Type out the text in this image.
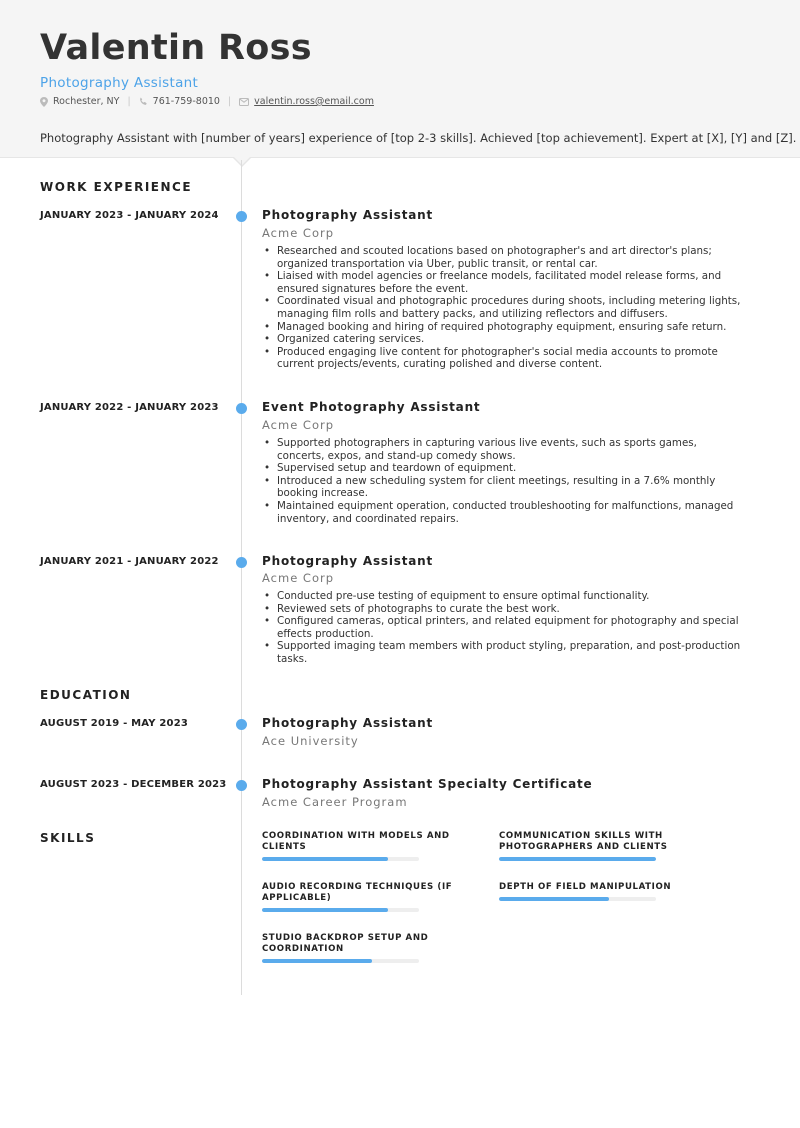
Valentin Ross
Photography Assistant
Rochester, NY | 761-759-8010 | valentin.ross@email.com
Photography Assistant with [number of years] experience of [top 2-3 skills]. Achieved [top achievement]. Expert at [X], [Y] and [Z].
WORK EXPERIENCE
JANUARY 2023 - JANUARY 2024	Photography Assistant
Acme Corp
• Researched and scouted locations based on photographer's and art director's plans; organized transportation via Uber, public transit, or rental car.
• Liaised with model agencies or freelance models, facilitated model release forms, and ensured signatures before the event.
• Coordinated visual and photographic procedures during shoots, including metering lights, managing film rolls and battery packs, and utilizing reflectors and diffusers.
• Managed booking and hiring of required photography equipment, ensuring safe return.
• Organized catering services.
• Produced engaging live content for photographer's social media accounts to promote current projects/events, curating polished and diverse content.
JANUARY 2022 - JANUARY 2023	Event Photography Assistant
Acme Corp
• Supported photographers in capturing various live events, such as sports games, concerts, expos, and stand-up comedy shows.
• Supervised setup and teardown of equipment.
• Introduced a new scheduling system for client meetings, resulting in a 7.6% monthly booking increase.
• Maintained equipment operation, conducted troubleshooting for malfunctions, managed inventory, and coordinated repairs.
JANUARY 2021 - JANUARY 2022	Photography Assistant
Acme Corp
• Conducted pre-use testing of equipment to ensure optimal functionality.
• Reviewed sets of photographs to curate the best work.
• Configured cameras, optical printers, and related equipment for photography and special effects production.
• Supported imaging team members with product styling, preparation, and post-production tasks.
EDUCATION
AUGUST 2019 - MAY 2023	Photography Assistant
Ace University
AUGUST 2023 - DECEMBER 2023	Photography Assistant Specialty Certificate
Acme Career Program
SKILLS	COORDINATION WITH MODELS AND CLIENTS
COMMUNICATION SKILLS WITH PHOTOGRAPHERS AND CLIENTS
AUDIO RECORDING TECHNIQUES (IF APPLICABLE)
DEPTH OF FIELD MANIPULATION
STUDIO BACKDROP SETUP AND COORDINATION
